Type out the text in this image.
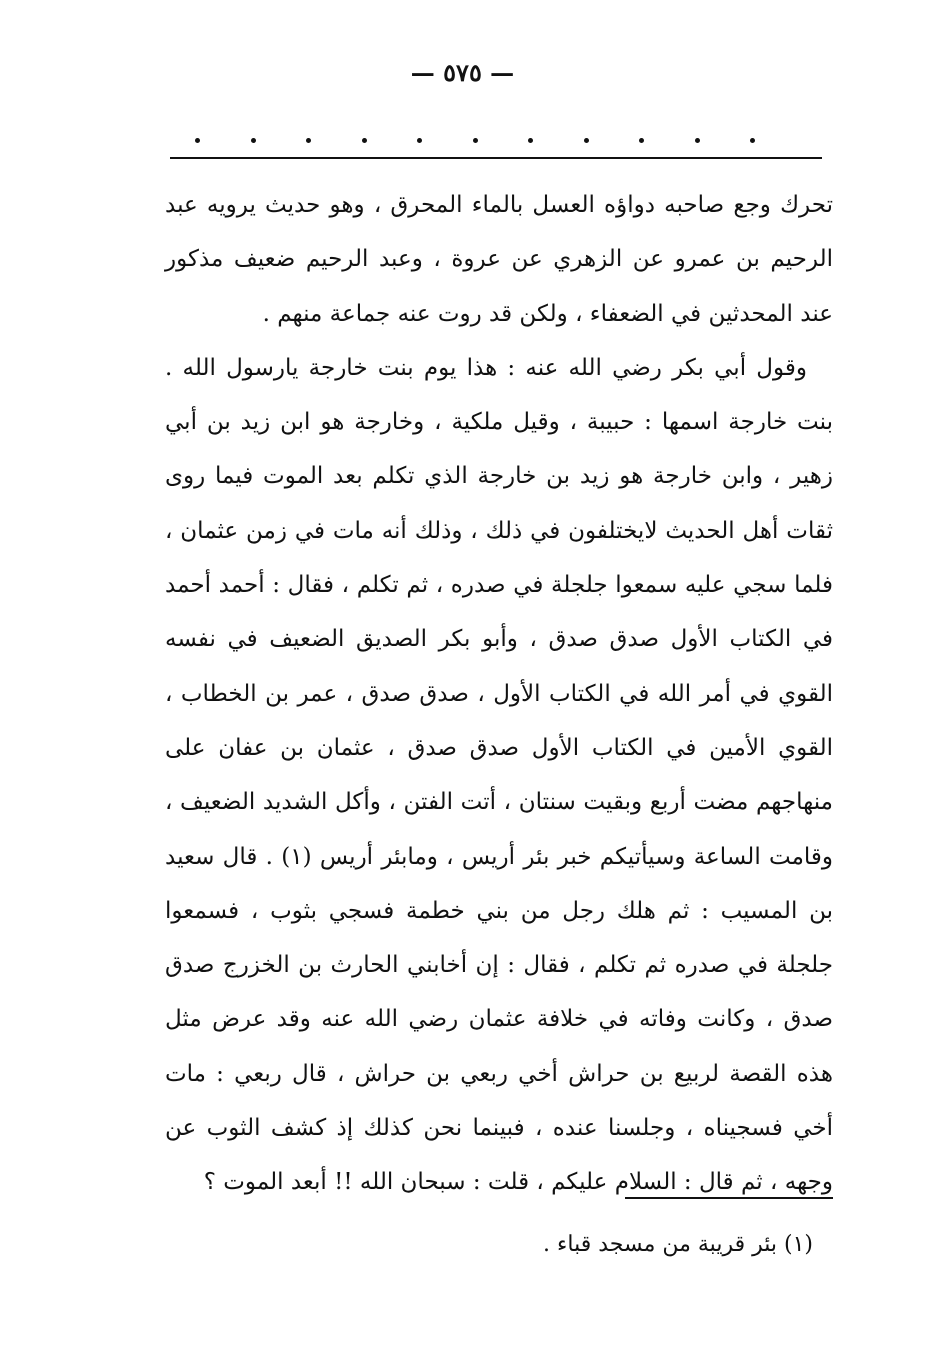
— ٥٧٥ —

تحرك وجع صاحبه دواؤه العسل بالماء المحرق ، وهو حديث يرويه عبد الرحيم بن عمرو عن الزهري عن عروة ، وعبد الرحيم ضعيف مذكور عند المحدثين في الضعفاء ، ولكن قد روت عنه جماعة منهم .

وقول أبي بكر رضي الله عنه : هذا يوم بنت خارجة يارسول الله . بنت خارجة اسمها : حبيبة ، وقيل ملكية ، وخارجة هو ابن زيد بن أبي زهير ، وابن خارجة هو زيد بن خارجة الذي تكلم بعد الموت فيما روى ثقات أهل الحديث لايختلفون في ذلك ، وذلك أنه مات في زمن عثمان ، فلما سجي عليه سمعوا جلجلة في صدره ، ثم تكلم ، فقال : أحمد أحمد في الكتاب الأول صدق صدق ، وأبو بكر الصديق الضعيف في نفسه القوي في أمر الله في الكتاب الأول ، صدق صدق ، عمر بن الخطاب ، القوي الأمين في الكتاب الأول صدق صدق ، عثمان بن عفان على منهاجهم مضت أربع وبقيت سنتان ، أتت الفتن ، وأكل الشديد الضعيف ، وقامت الساعة وسيأتيكم خبر بئر أريس ، ومابئر أريس (١) . قال سعيد بن المسيب : ثم هلك رجل من بني خطمة فسجي بثوب ، فسمعوا جلجلة في صدره ثم تكلم ، فقال : إن أخابني الحارث بن الخزرج صدق صدق ، وكانت وفاته في خلافة عثمان رضي الله عنه وقد عرض مثل هذه القصة لربيع بن حراش أخي ربعي بن حراش ، قال ربعي : مات أخي فسجيناه ، وجلسنا عنده ، فبينما نحن كذلك إذ كشف الثوب عن وجهه ، ثم قال : السلام عليكم ، قلت : سبحان الله !! أبعد الموت ؟

(١) بئر قريبة من مسجد قباء .
